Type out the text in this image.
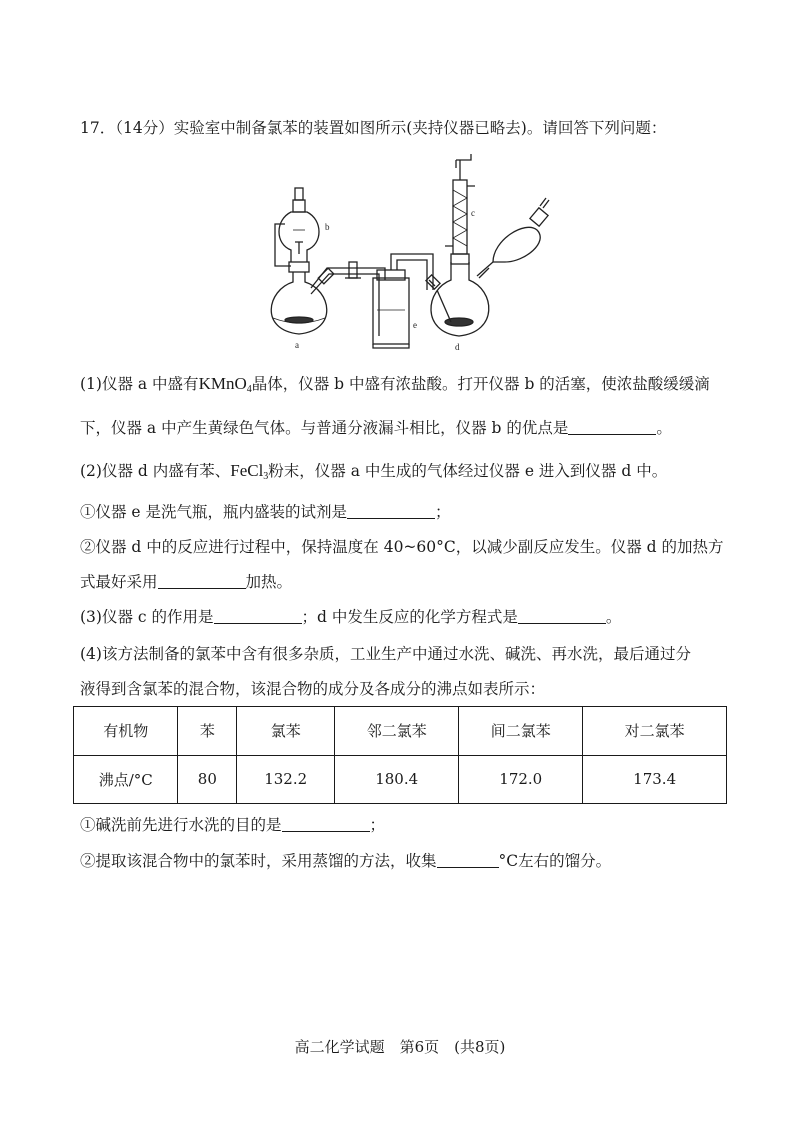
17．（14分）实验室中制备氯苯的装置如图所示(夹持仪器已略去)。请回答下列问题：
b
a
c
d
e
(1)仪器 a 中盛有KMnO$_4$晶体，仪器 b 中盛有浓盐酸。打开仪器 b 的活塞，使浓盐酸缓缓滴
下，仪器 a 中产生黄绿色气体。与普通分液漏斗相比，仪器 b 的优点是	。
(2)仪器 d 内盛有苯、FeCl$_3$粉末，仪器 a 中生成的气体经过仪器 e 进入到仪器 d 中。
①仪器 e 是洗气瓶，瓶内盛装的试剂是	；
②仪器 d 中的反应进行过程中，保持温度在 40~60°C，以减少副反应发生。仪器 d 的加热方
式最好采用	加热。
(3)仪器 c 的作用是	；d 中发生反应的化学方程式是	。
(4)该方法制备的氯苯中含有很多杂质，工业生产中通过水洗、碱洗、再水洗，最后通过分
液得到含氯苯的混合物，该混合物的成分及各成分的沸点如表所示：
有机物	苯	氯苯	邻二氯苯	间二氯苯	对二氯苯
沸点/°C	80	132.2	180.4	172.0	173.4
①碱洗前先进行水洗的目的是	；
②提取该混合物中的氯苯时，采用蒸馏的方法，收集	°C左右的馏分。
高二化学试题　第6页　(共8页)
